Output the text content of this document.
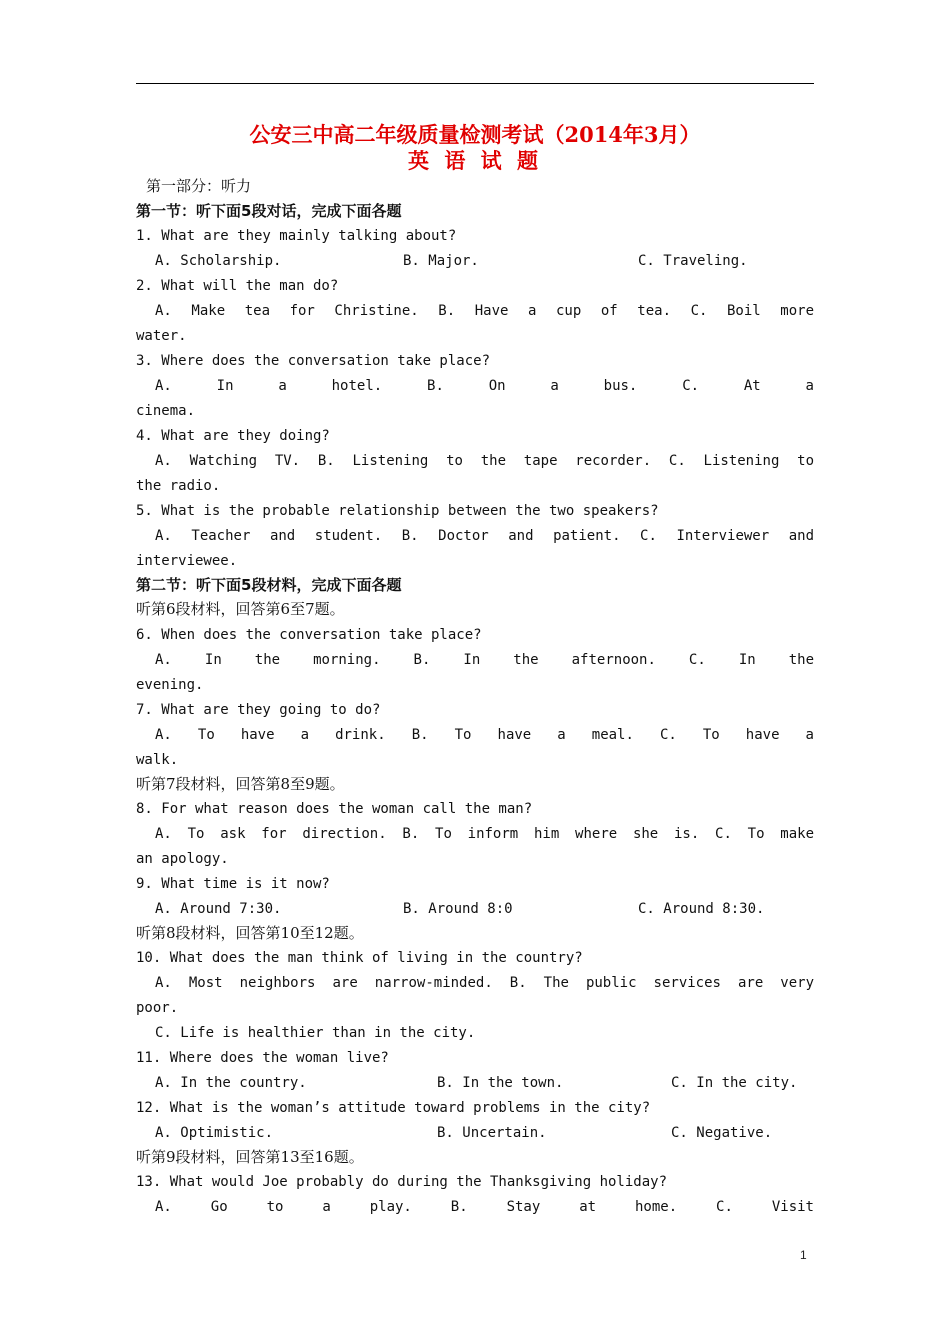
公安三中高二年级质量检测考试（2014年3月）
英 语 试 题
第一部分：听力
第一节：听下面5段对话，完成下面各题
1. What are they mainly talking about?
A. Scholarship.	B. Major.	C. Traveling.
2. What will the man do?
A. Make tea for Christine. B. Have a cup of tea. C. Boil more
water.
3. Where does the conversation take place?
A. In a hotel. B. On a bus. C. At a
cinema.
4. What are they doing?
A. Watching TV. B. Listening to the tape recorder. C. Listening to
the radio.
5. What is the probable relationship between the two speakers?
A. Teacher and student. B. Doctor and patient. C. Interviewer and
interviewee.
第二节：听下面5段材料，完成下面各题
听第6段材料，回答第6至7题。
6. When does the conversation take place?
A. In the morning. B. In the afternoon. C. In the
evening.
7. What are they going to do?
A. To have a drink. B. To have a meal. C. To have a
walk.
听第7段材料，回答第8至9题。
8. For what reason does the woman call the man?
A. To ask for direction. B. To inform him where she is. C. To make
an apology.
9. What time is it now?
A. Around 7:30.	B. Around 8:0	C. Around 8:30.
听第8段材料，回答第10至12题。
10. What does the man think of living in the country?
A. Most neighbors are narrow-minded. B. The public services are very
poor.
C. Life is healthier than in the city.
11. Where does the woman live?
A. In the country.	B. In the town.	C. In the city.
12. What is the woman’s attitude toward problems in the city?
A. Optimistic.	B. Uncertain.	C. Negative.
听第9段材料，回答第13至16题。
13. What would Joe probably do during the Thanksgiving holiday?
A. Go to a play. B. Stay at home. C. Visit
1
